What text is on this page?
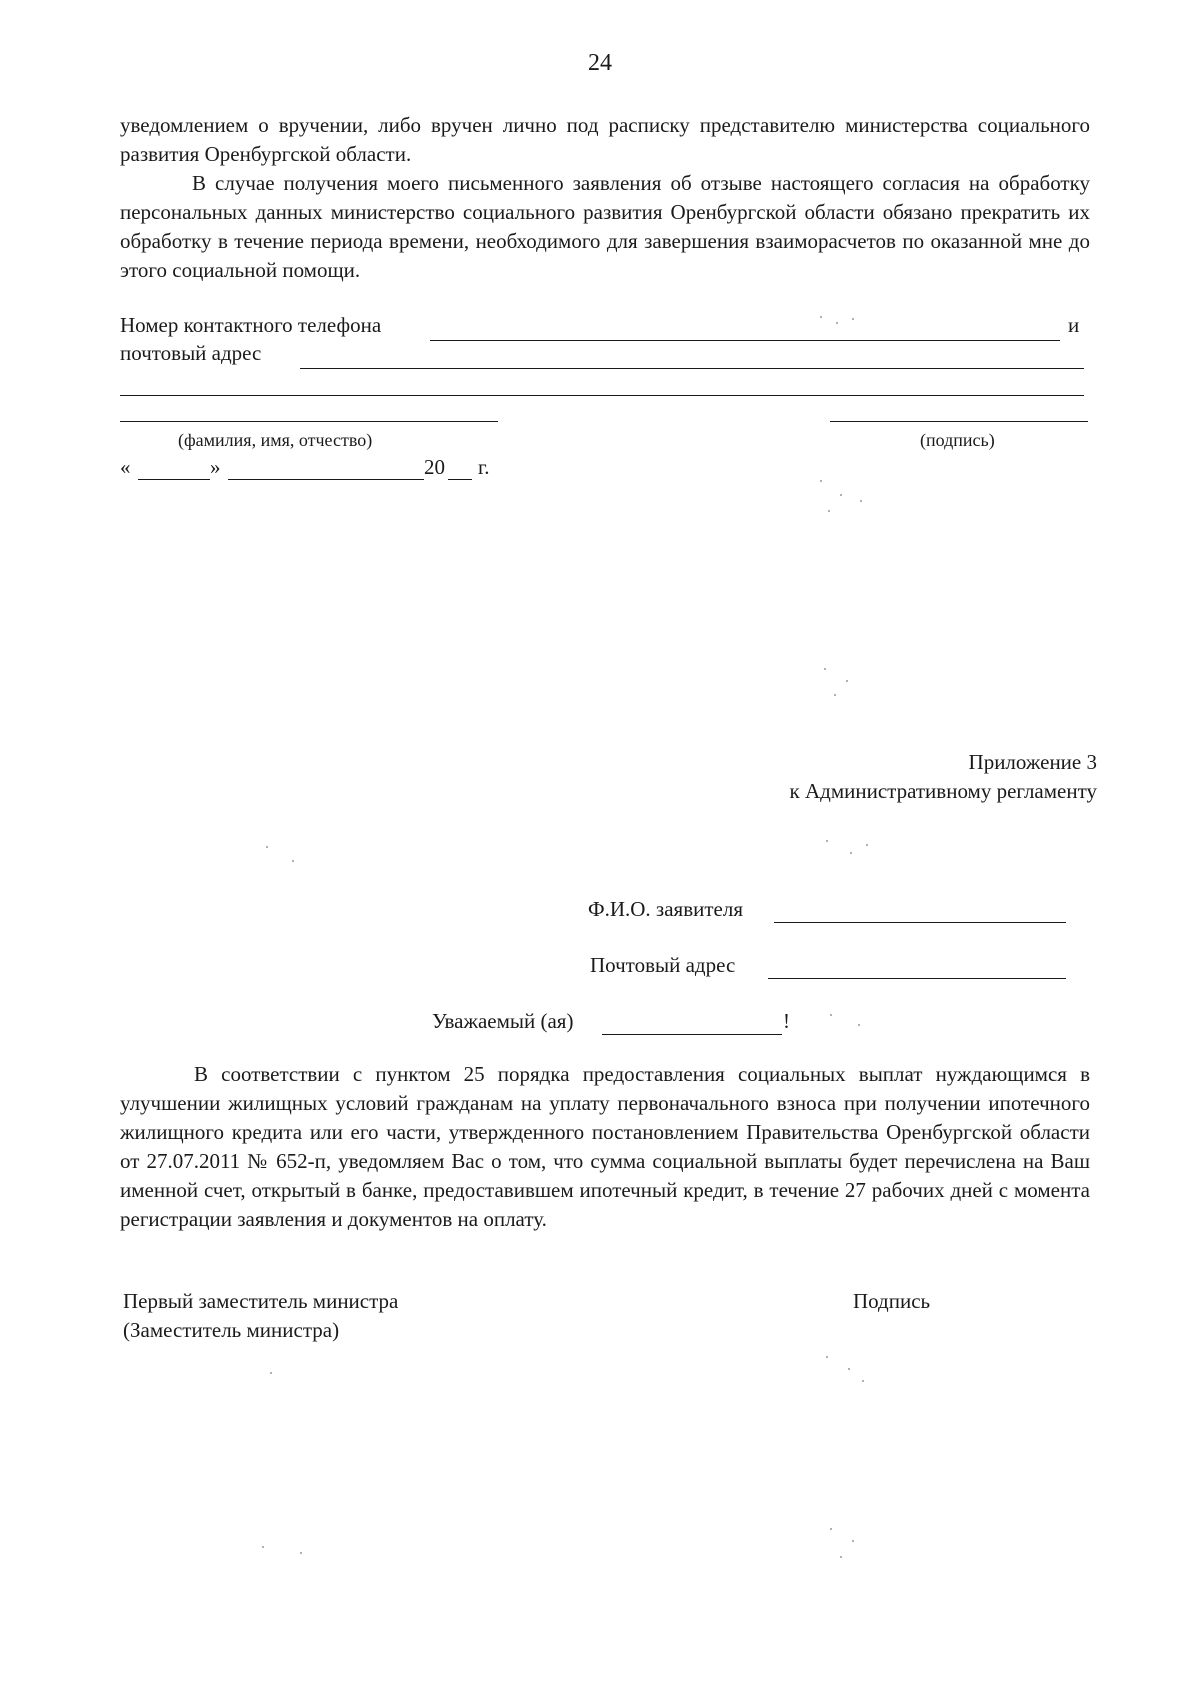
24
уведомлением о вручении, либо вручен лично под расписку представителю министерства социального развития Оренбургской области.
В случае получения моего письменного заявления об отзыве настоящего согласия на обработку персональных данных министерство социального развития Оренбургской области обязано прекратить их обработку в течение периода времени, необходимого для завершения взаиморасчетов по оказанной мне до этого социальной помощи.
Номер контактного телефона	и
почтовый адрес
(фамилия, имя, отчество)	(подпись)
«	»	20 г.
Приложение 3
к Административному регламенту
Ф.И.О. заявителя
Почтовый адрес
Уважаемый (ая)	!
В соответствии с пунктом 25 порядка предоставления социальных выплат нуждающимся в улучшении жилищных условий гражданам на уплату первоначального взноса при получении ипотечного жилищного кредита или его части, утвержденного постановлением Правительства Оренбургской области от 27.07.2011 № 652-п, уведомляем Вас о том, что сумма социальной выплаты будет перечислена на Ваш именной счет, открытый в банке, предоставившем ипотечный кредит, в течение 27 рабочих дней с момента регистрации заявления и документов на оплату.
Первый заместитель министра
(Заместитель министра)
Подпись
